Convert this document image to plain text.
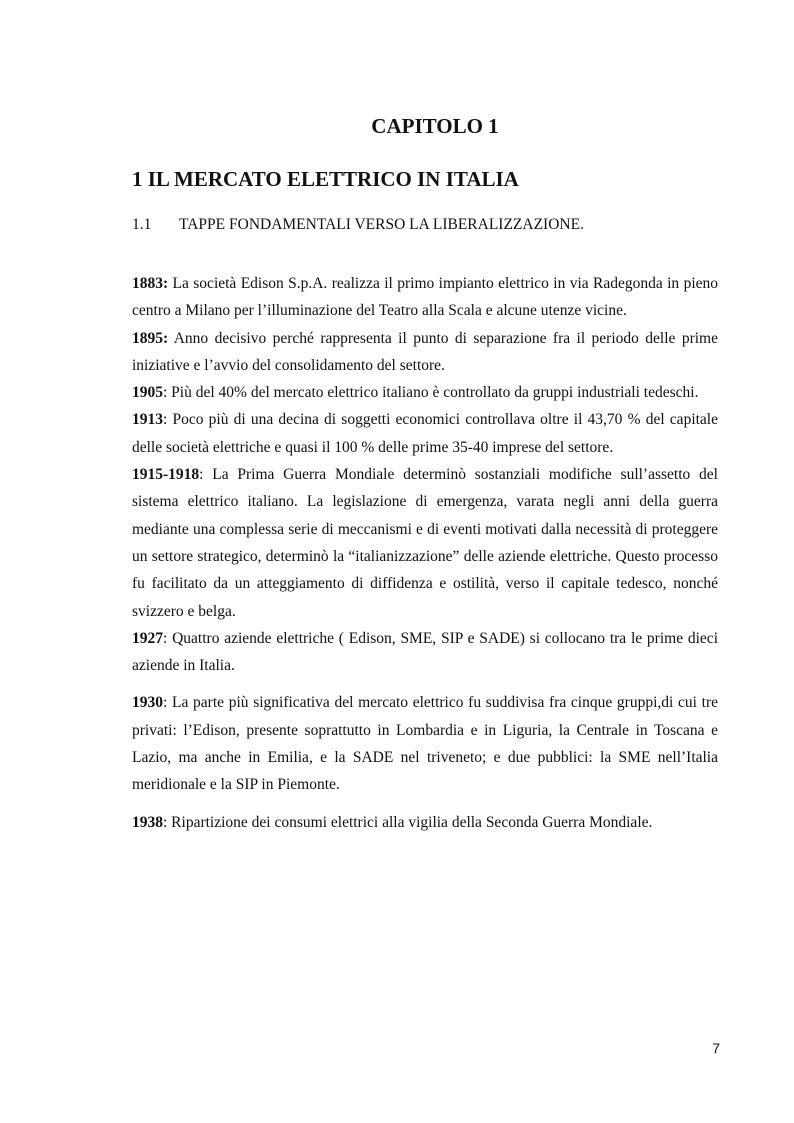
CAPITOLO 1
1 IL MERCATO ELETTRICO IN ITALIA
1.1 TAPPE FONDAMENTALI VERSO LA LIBERALIZZAZIONE.

1883: La società Edison S.p.A. realizza il primo impianto elettrico in via Radegonda in pieno centro a Milano per l’illuminazione del Teatro alla Scala e alcune utenze vicine.

1895: Anno decisivo perché rappresenta il punto di separazione fra il periodo delle prime iniziative e l’avvio del consolidamento del settore.

1905: Più del 40% del mercato elettrico italiano è controllato da gruppi industriali tedeschi.

1913: Poco più di una decina di soggetti economici controllava oltre il 43,70 % del capitale delle società elettriche e quasi il 100 % delle prime 35-40 imprese del settore.

1915-1918: La Prima Guerra Mondiale determinò sostanziali modifiche sull’assetto del sistema elettrico italiano. La legislazione di emergenza, varata negli anni della guerra mediante una complessa serie di meccanismi e di eventi motivati dalla necessità di proteggere un settore strategico, determinò la “italianizzazione” delle aziende elettriche. Questo processo fu facilitato da un atteggiamento di diffidenza e ostilità, verso il capitale tedesco, nonché svizzero e belga.

1927: Quattro aziende elettriche ( Edison, SME, SIP e SADE) si collocano tra le prime dieci aziende in Italia.

1930: La parte più significativa del mercato elettrico fu suddivisa fra cinque gruppi,di cui tre privati: l’Edison, presente soprattutto in Lombardia e in Liguria, la Centrale in Toscana e Lazio, ma anche in Emilia, e la SADE nel triveneto; e due pubblici: la SME nell’Italia meridionale e la SIP in Piemonte.

1938: Ripartizione dei consumi elettrici alla vigilia della Seconda Guerra Mondiale.

7
